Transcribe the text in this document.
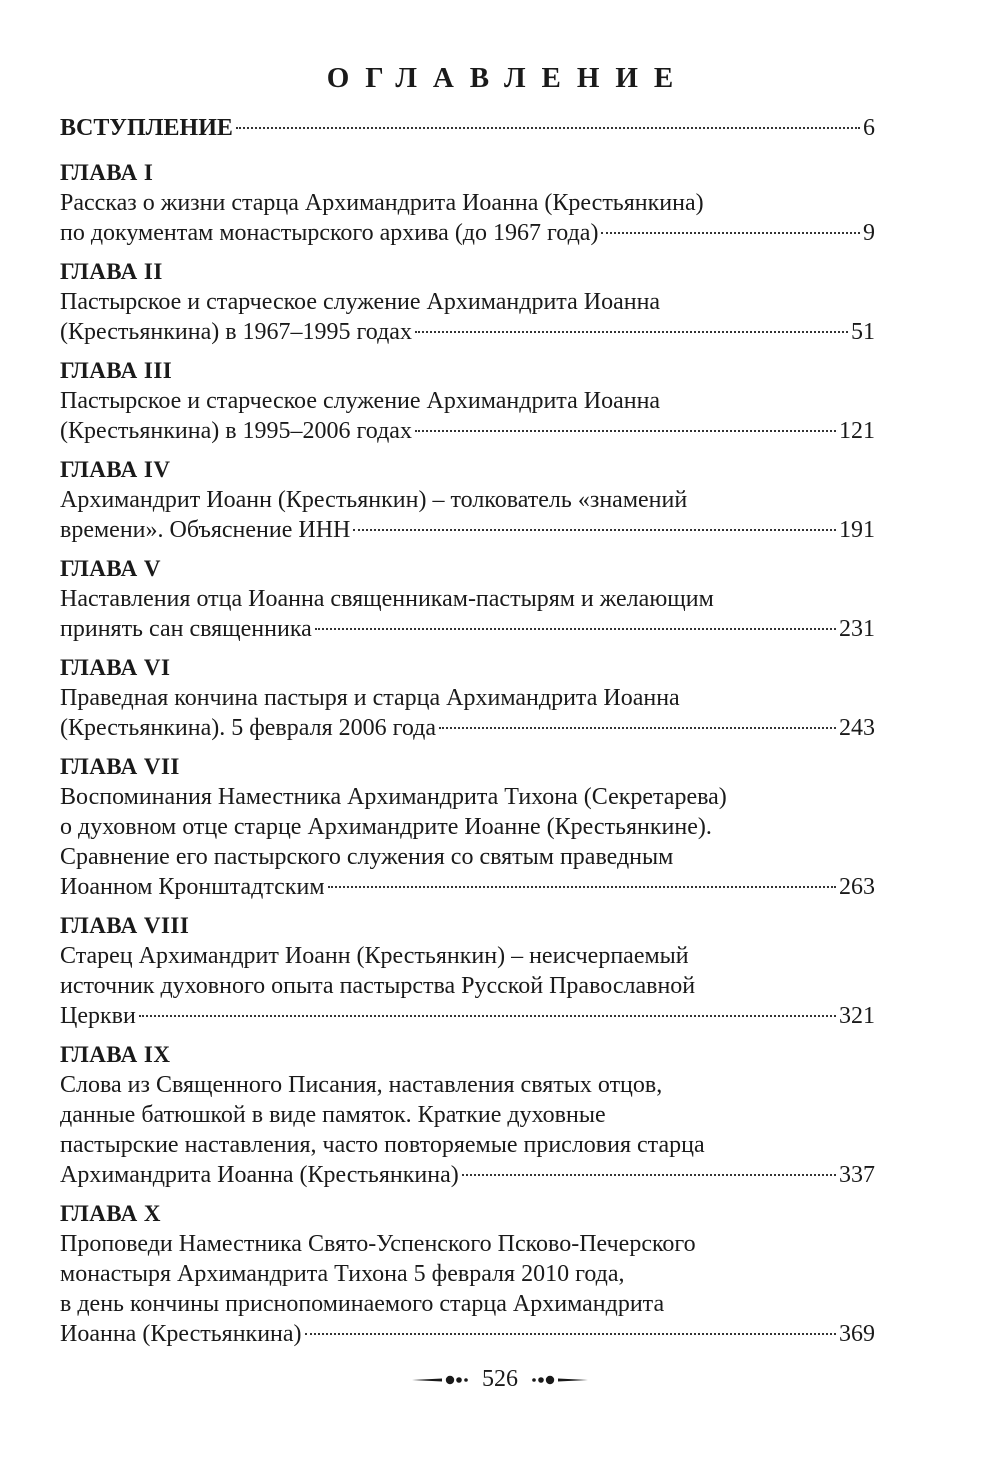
ОГЛАВЛЕНИЕ
ВСТУПЛЕНИЕ	6
ГЛАВА I
Рассказ о жизни старца Архимандрита Иоанна (Крестьянкина)
по документам монастырского архива (до 1967 года)	9
ГЛАВА II
Пастырское и старческое служение Архимандрита Иоанна
(Крестьянкина) в 1967–1995 годах	51
ГЛАВА III
Пастырское и старческое служение Архимандрита Иоанна
(Крестьянкина) в 1995–2006 годах	121
ГЛАВА IV
Архимандрит Иоанн (Крестьянкин) – толкователь «знамений
времени». Объяснение ИНН	191
ГЛАВА V
Наставления отца Иоанна священникам-пастырям и желающим
принять сан священника	231
ГЛАВА VI
Праведная кончина пастыря и старца Архимандрита Иоанна
(Крестьянкина). 5 февраля 2006 года	243
ГЛАВА VII
Воспоминания Наместника Архимандрита Тихона (Секретарева)
о духовном отце старце Архимандрите Иоанне (Крестьянкине).
Сравнение его пастырского служения со святым праведным
Иоанном Кронштадтским	263
ГЛАВА VIII
Старец Архимандрит Иоанн (Крестьянкин) – неисчерпаемый
источник духовного опыта пастырства Русской Православной
Церкви	321
ГЛАВА IX
Слова из Священного Писания, наставления святых отцов,
данные батюшкой в виде памяток. Краткие духовные
пастырские наставления, часто повторяемые присловия старца
Архимандрита Иоанна (Крестьянкина)	337
ГЛАВА X
Проповеди Наместника Свято-Успенского Псково-Печерского
монастыря Архимандрита Тихона 5 февраля 2010 года,
в день кончины приснопоминаемого старца Архимандрита
Иоанна (Крестьянкина)	369
526
